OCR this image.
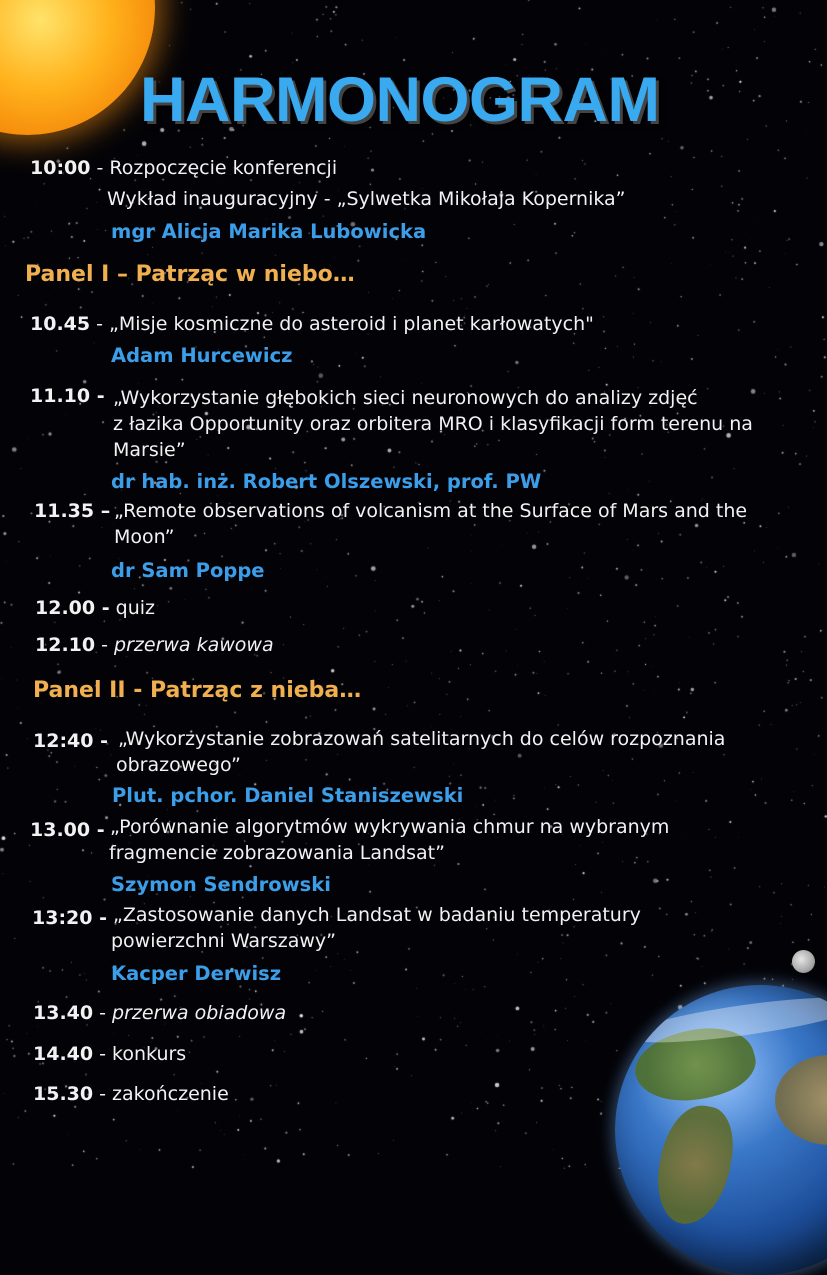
HARMONOGRAM
10:00 - Rozpoczęcie konferencji
Wykład inauguracyjny - „Sylwetka Mikołaja Kopernika”
mgr Alicja Marika Lubowicka
Panel I – Patrząc w niebo…
10.45 - „Misje kosmiczne do asteroid i planet karłowatych"
Adam Hurcewicz
11.10 - „Wykorzystanie głębokich sieci neuronowych do analizy zdjęć
z łazika Opportunity oraz orbitera MRO i klasyfikacji form terenu na
Marsie”
dr hab. inż. Robert Olszewski, prof. PW
11.35 – „Remote observations of volcanism at the Surface of Mars and the
Moon”
dr Sam Poppe
12.00 - quiz
12.10 - przerwa kawowa
Panel II - Patrząc z nieba…
12:40 - „Wykorzystanie zobrazowań satelitarnych do celów rozpoznania
obrazowego”
Plut. pchor. Daniel Staniszewski
13.00 - „Porównanie algorytmów wykrywania chmur na wybranym
fragmencie zobrazowania Landsat”
Szymon Sendrowski
13:20 - „Zastosowanie danych Landsat w badaniu temperatury
powierzchni Warszawy”
Kacper Derwisz
13.40 - przerwa obiadowa
14.40 - konkurs
15.30 - zakończenie
